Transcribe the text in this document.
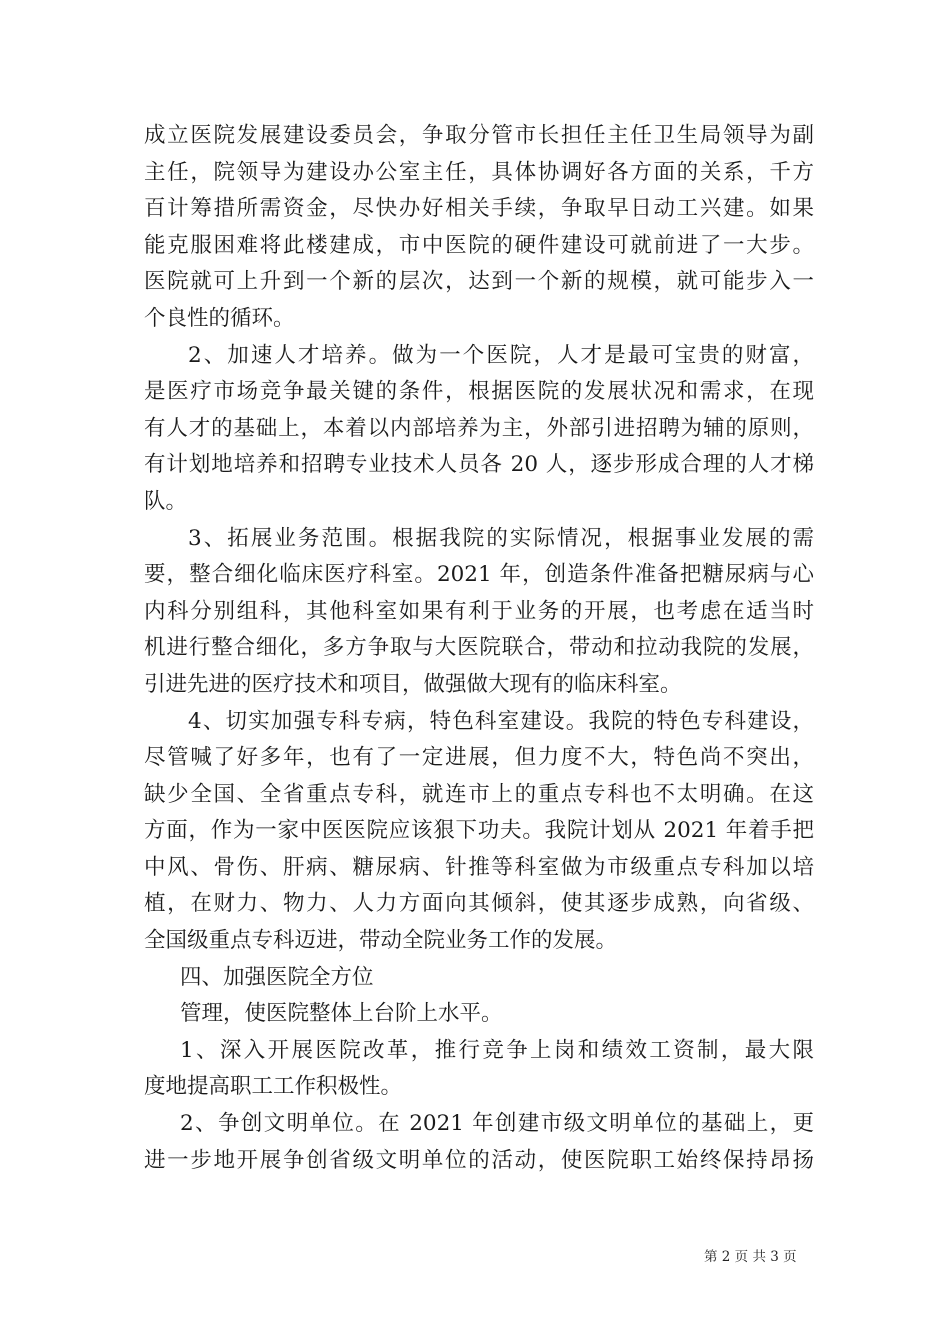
成立医院发展建设委员会，争取分管市长担任主任卫生局领导为副
主任，院领导为建设办公室主任，具体协调好各方面的关系，千方
百计筹措所需资金，尽快办好相关手续，争取早日动工兴建。如果
能克服困难将此楼建成，市中医院的硬件建设可就前进了一大步。
医院就可上升到一个新的层次，达到一个新的规模，就可能步入一
个良性的循环。
2、加速人才培养。做为一个医院，人才是最可宝贵的财富，
是医疗市场竞争最关键的条件，根据医院的发展状况和需求，在现
有人才的基础上，本着以内部培养为主，外部引进招聘为辅的原则，
有计划地培养和招聘专业技术人员各 20 人，逐步形成合理的人才梯
队。
3、拓展业务范围。根据我院的实际情况，根据事业发展的需
要，整合细化临床医疗科室。2021 年，创造条件准备把糖尿病与心
内科分别组科，其他科室如果有利于业务的开展，也考虑在适当时
机进行整合细化，多方争取与大医院联合，带动和拉动我院的发展，
引进先进的医疗技术和项目，做强做大现有的临床科室。
4、切实加强专科专病，特色科室建设。我院的特色专科建设，
尽管喊了好多年，也有了一定进展，但力度不大，特色尚不突出，
缺少全国、全省重点专科，就连市上的重点专科也不太明确。在这
方面，作为一家中医医院应该狠下功夫。我院计划从 2021 年着手把
中风、骨伤、肝病、糖尿病、针推等科室做为市级重点专科加以培
植，在财力、物力、人力方面向其倾斜，使其逐步成熟，向省级、
全国级重点专科迈进，带动全院业务工作的发展。
四、加强医院全方位
管理，使医院整体上台阶上水平。
1、深入开展医院改革，推行竞争上岗和绩效工资制，最大限
度地提高职工工作积极性。
2、争创文明单位。在 2021 年创建市级文明单位的基础上，更
进一步地开展争创省级文明单位的活动，使医院职工始终保持昂扬
第 2 页 共 3 页
